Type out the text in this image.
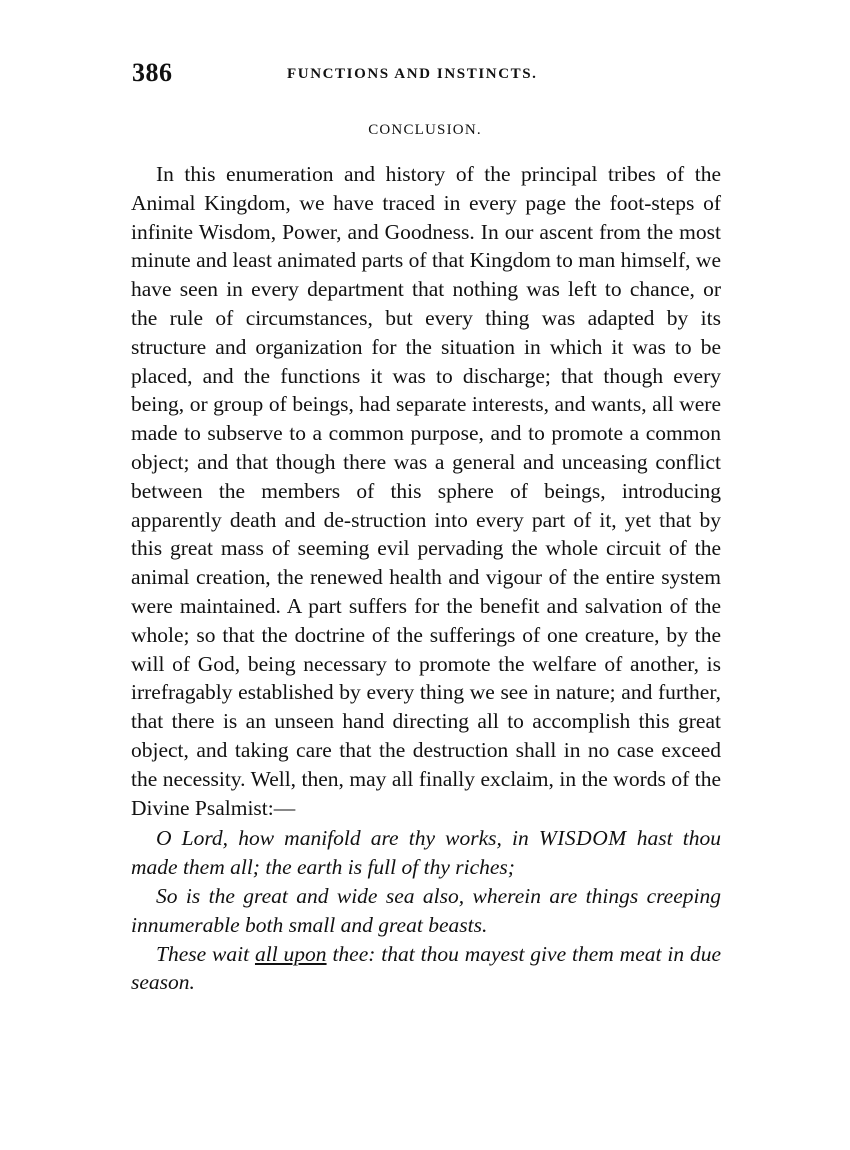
386	FUNCTIONS AND INSTINCTS.
CONCLUSION.

In this enumeration and history of the principal tribes of the Animal Kingdom, we have traced in every page the foot-steps of infinite Wisdom, Power, and Goodness. In our ascent from the most minute and least animated parts of that Kingdom to man himself, we have seen in every department that nothing was left to chance, or the rule of circumstances, but every thing was adapted by its structure and organization for the situation in which it was to be placed, and the functions it was to discharge; that though every being, or group of beings, had separate interests, and wants, all were made to subserve to a common purpose, and to promote a common object; and that though there was a general and unceasing conflict between the members of this sphere of beings, introducing apparently death and de-struction into every part of it, yet that by this great mass of seeming evil pervading the whole circuit of the animal creation, the renewed health and vigour of the entire system were maintained. A part suffers for the benefit and salvation of the whole; so that the doctrine of the sufferings of one creature, by the will of God, being necessary to promote the welfare of another, is irrefragably established by every thing we see in nature; and further, that there is an unseen hand directing all to accomplish this great object, and taking care that the destruction shall in no case exceed the necessity. Well, then, may all finally exclaim, in the words of the Divine Psalmist:—

O Lord, how manifold are thy works, in WISDOM hast thou made them all; the earth is full of thy riches;

So is the great and wide sea also, wherein are things creeping innumerable both small and great beasts.

These wait all upon thee: that thou mayest give them meat in due season.
